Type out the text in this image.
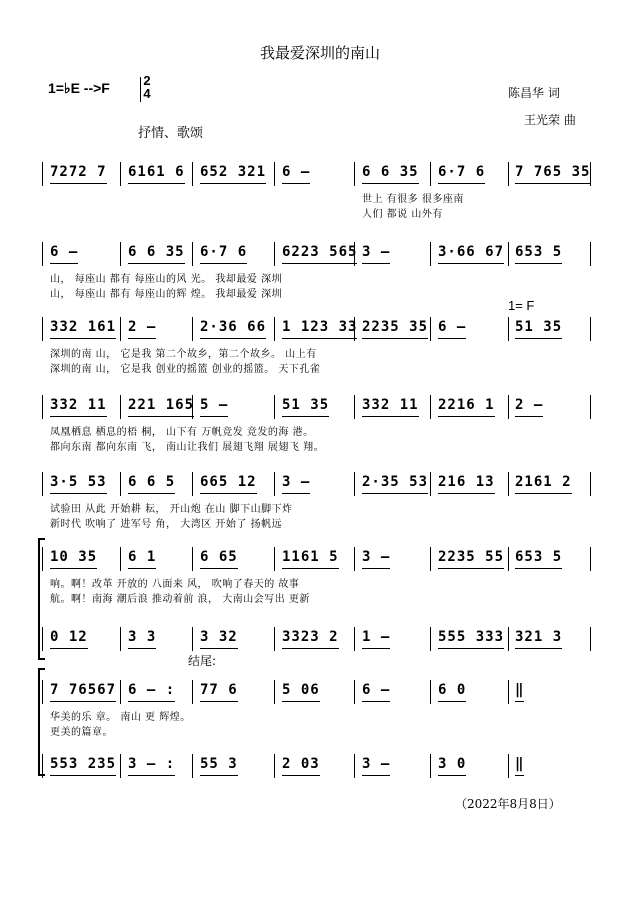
我最爱深圳的南山
1=♭E -->F	2
4	陈昌华 词
王光荣 曲
抒情、歌颂
1= F
结尾:
（2022年8月8日）
7272 7 6161 6 652 321 6 –	6 6 35 6·7 6 7 765 35
世上 有很多 很多座南
人们 都说 山外有
6 –	6 6 35 6·7 6 6223 565 3 –	3·66 67 653 5
山， 每座山 都有 每座山的风 光。 我却最爱 深圳
山， 每座山 都有 每座山的辉 煌。 我却最爱 深圳
332 161 2 –	2·36 66 1 123 33 2235 35 6 –	51 35
深圳的南 山， 它是我 第二个故乡，第二个故乡。 山上有
深圳的南 山， 它是我 创业的摇篮 创业的摇篮。 天下孔雀
332 11 221 165 5 –	51 35 332 11 2216 1 2 –
凤凰栖息 栖息的梧 桐， 山下有 万帆竞发 竞发的海 港。
都向东南 都向东南 飞， 南山让我们 展翅飞翔 展翅飞 翔。
3·5 53 6 6 5 665 12 3 –	2·35 53 216 13 2161 2
试验田 从此 开始耕 耘， 开山炮 在山 脚下山脚下炸
新时代 吹响了 进军号 角， 大湾区 开始了 扬帆远
10 35 6 1	6 65	1161 5 3 –	2235 55 653 5
响。啊！改革 开放的 八面来 风， 吹响了春天的 故事
航。啊！南海 潮后浪 推动着前 浪， 大南山会写出 更新
0 12	3 3	3 32	3323 2 1 –	555 333 321 3
7 76567 6 – : 77 6	5 06	6 –	6 0	‖
华美的乐 章。 南山 更 辉煌。
更美的篇章。
553 235 3 – : 55 3	2 03	3 –	3 0	‖
